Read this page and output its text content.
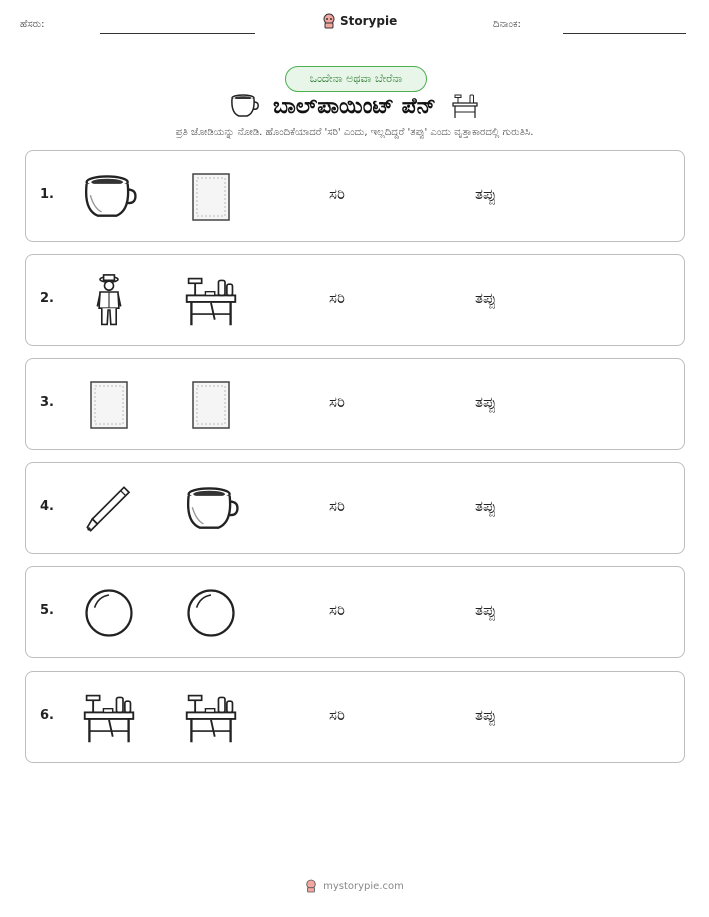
ಹೆಸರು:	Storypie	ದಿನಾಂಕ:
ಒಂದೇನಾ ಅಥವಾ ಬೇರೆನಾ
ಬಾಲ್‌ಪಾಯಿಂಟ್ ಪೆನ್
ಪ್ರತಿ ಜೋಡಿಯನ್ನು ನೋಡಿ. ಹೊಂದಿಕೆಯಾದರೆ 'ಸರಿ' ಎಂದು, ಇಲ್ಲದಿದ್ದರೆ 'ತಪ್ಪು' ಎಂದು ವೃತ್ತಾಕಾರದಲ್ಲಿ ಗುರುತಿಸಿ.
1.	ಸರಿ	ತಪ್ಪು
2.	ಸರಿ	ತಪ್ಪು
3.	ಸರಿ	ತಪ್ಪು
4.	ಸರಿ	ತಪ್ಪು
5.	ಸರಿ	ತಪ್ಪು
6.	ಸರಿ	ತಪ್ಪು
mystorypie.com
